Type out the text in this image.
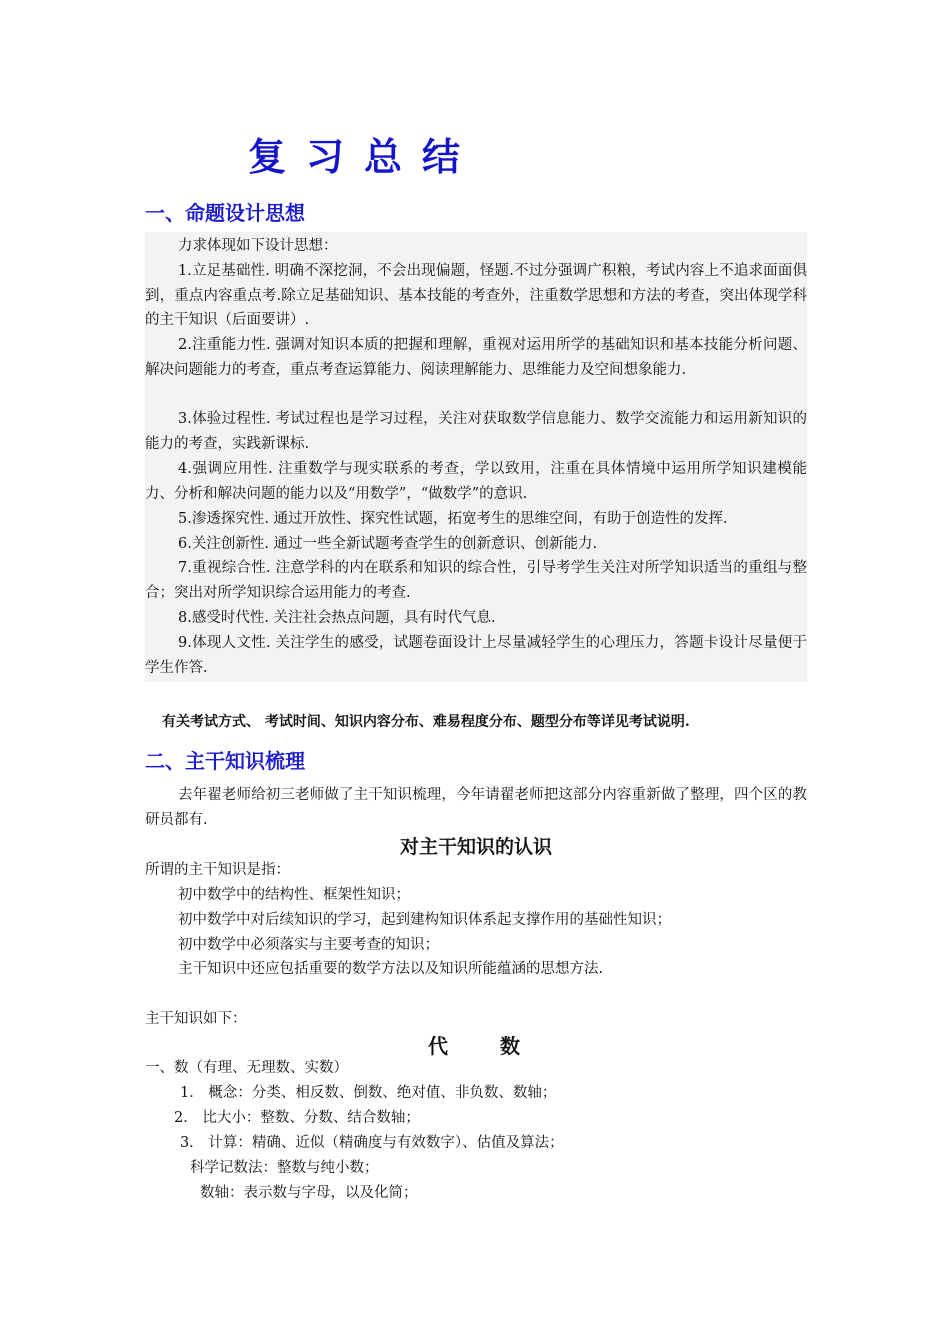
复习总结
一、命题设计思想

力求体现如下设计思想：

1.立足基础性. 明确不深挖洞，不会出现偏题，怪题.不过分强调广积粮，考试内容上不追求面面俱到，重点内容重点考.除立足基础知识、基本技能的考查外，注重数学思想和方法的考查，突出体现学科的主干知识（后面要讲）.

2.注重能力性. 强调对知识本质的把握和理解，重视对运用所学的基础知识和基本技能分析问题、解决问题能力的考查，重点考查运算能力、阅读理解能力、思维能力及空间想象能力.

3.体验过程性. 考试过程也是学习过程，关注对获取数学信息能力、数学交流能力和运用新知识的能力的考查，实践新课标.

4.强调应用性. 注重数学与现实联系的考查，学以致用，注重在具体情境中运用所学知识建模能力、分析和解决问题的能力以及“用数学”，“做数学”的意识.

5.渗透探究性. 通过开放性、探究性试题，拓宽考生的思维空间，有助于创造性的发挥.

6.关注创新性. 通过一些全新试题考查学生的创新意识、创新能力.

7.重视综合性. 注意学科的内在联系和知识的综合性，引导考学生关注对所学知识适当的重组与整合；突出对所学知识综合运用能力的考查.

8.感受时代性. 关注社会热点问题，具有时代气息.

9.体现人文性. 关注学生的感受，试题卷面设计上尽量减轻学生的心理压力，答题卡设计尽量便于学生作答.

有关考试方式、 考试时间、知识内容分布、难易程度分布、题型分布等详见考试说明.

二、主干知识梳理

去年翟老师给初三老师做了主干知识梳理，今年请翟老师把这部分内容重新做了整理，四个区的教研员都有.

对主干知识的认识

所谓的主干知识是指：

初中数学中的结构性、框架性知识；

初中数学中对后续知识的学习，起到建构知识体系起支撑作用的基础性知识；

初中数学中必须落实与主要考查的知识；

主干知识中还应包括重要的数学方法以及知识所能蕴涵的思想方法.

主干知识如下：

代　　数

一、数（有理、无理数、实数）

1． 概念：分类、相反数、倒数、绝对值、非负数、数轴；

2． 比大小：整数、分数、结合数轴；

3． 计算：精确、近似（精确度与有效数字）、估值及算法；

科学记数法：整数与纯小数；

数轴：表示数与字母，以及化简；
